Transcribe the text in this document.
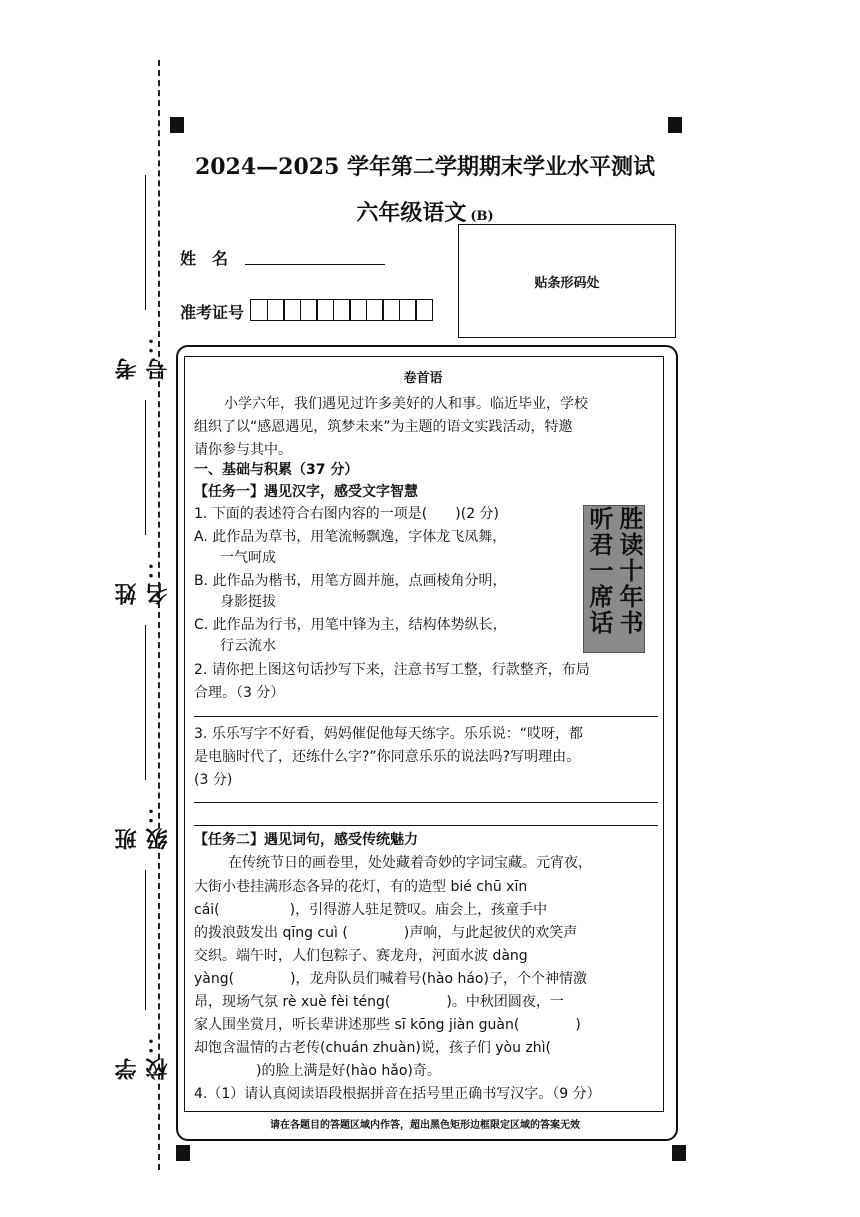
考号：
姓名：
班级：
学校：
2024—2025 学年第二学期期末学业水平测试
六年级语文 (B)
姓　名
准考证号
贴条形码处
卷首语
小学六年，我们遇见过许多美好的人和事。临近毕业，学校
组织了以“感恩遇见，筑梦未来”为主题的语文实践活动，特邀
请你参与其中。
一、基础与积累（37 分）
【任务一】遇见汉字，感受文字智慧
1. 下面的表述符合右图内容的一项是(　　)(2 分)
A. 此作品为草书，用笔流畅飘逸，字体龙飞凤舞，
一气呵成
B. 此作品为楷书，用笔方圆并施，点画棱角分明，
身影挺拔
C. 此作品为行书，用笔中锋为主，结构体势纵长，
行云流水
胜读十年书
听君一席话
2. 请你把上图这句话抄写下来，注意书写工整，行款整齐，布局
合理。（3 分）
3. 乐乐写字不好看，妈妈催促他每天练字。乐乐说：“哎呀，都
是电脑时代了，还练什么字?”你同意乐乐的说法吗?写明理由。
(3 分)
【任务二】遇见词句，感受传统魅力
在传统节日的画卷里，处处藏着奇妙的字词宝藏。元宵夜，
大街小巷挂满形态各异的花灯，有的造型 bié chū xīn
cái(　　　　　)，引得游人驻足赞叹。庙会上，孩童手中
的拨浪鼓发出 qīng cuì (　　　　)声响，与此起彼伏的欢笑声
交织。端午时，人们包粽子、赛龙舟，河面水波 dàng
yàng(　　　　)，龙舟队员们喊着号(hào háo)子，个个神情激
昂，现场气氛 rè xuè fèi téng(　　　　)。中秋团圆夜，一
家人围坐赏月，听长辈讲述那些 sī kōng jiàn guàn(　　　　)
却饱含温情的古老传(chuán zhuàn)说，孩子们 yòu zhì(
　　)的脸上满是好(hào hǎo)奇。
4.（1）请认真阅读语段根据拼音在括号里正确书写汉字。（9 分）
请在各题目的答题区域内作答，超出黑色矩形边框限定区域的答案无效
